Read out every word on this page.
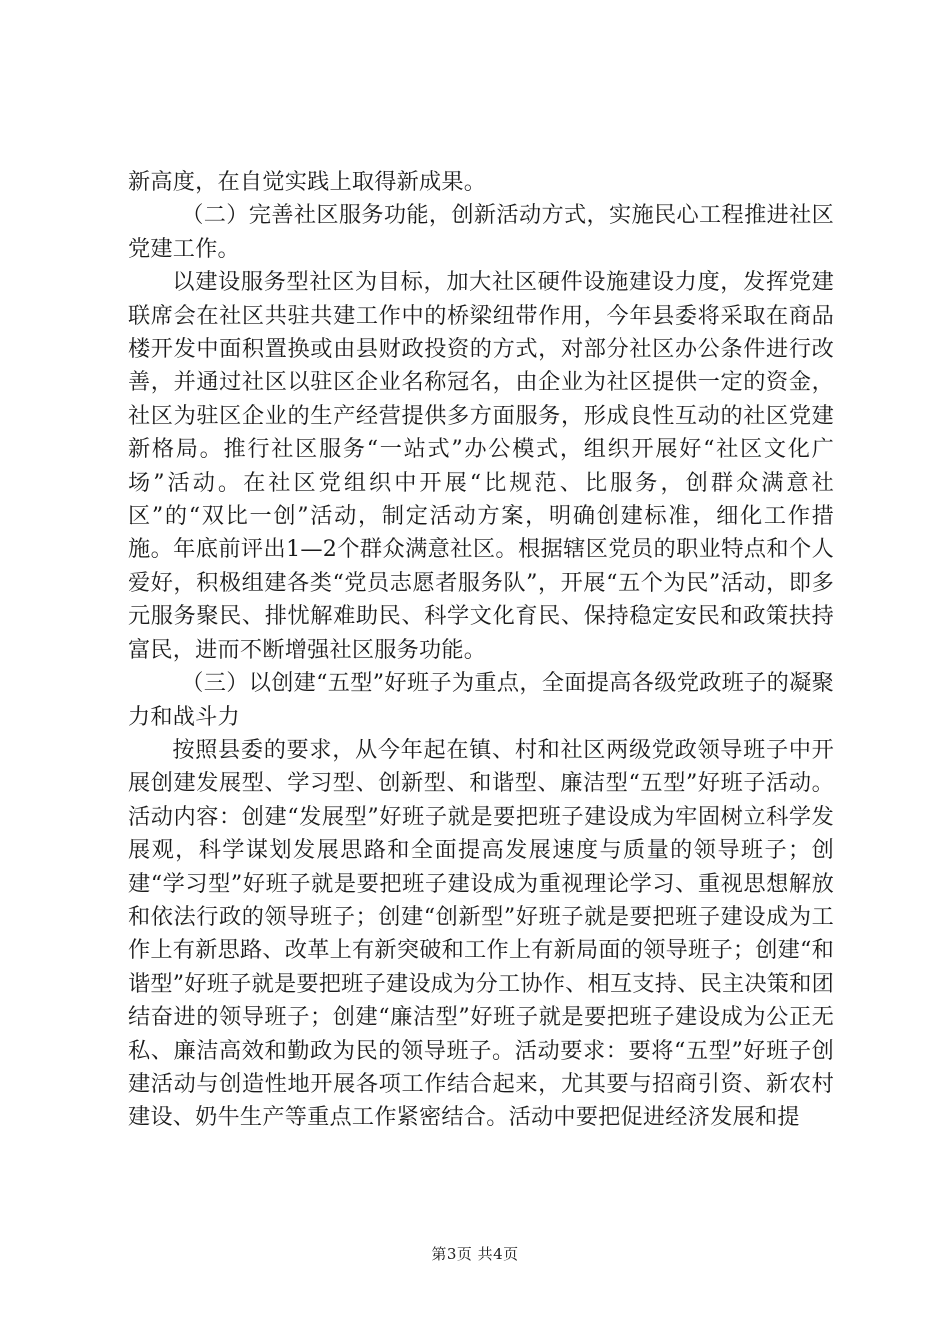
新高度，在自觉实践上取得新成果。

（二）完善社区服务功能，创新活动方式，实施民心工程推进社区党建工作。

以建设服务型社区为目标，加大社区硬件设施建设力度，发挥党建联席会在社区共驻共建工作中的桥梁纽带作用，今年县委将采取在商品楼开发中面积置换或由县财政投资的方式，对部分社区办公条件进行改善，并通过社区以驻区企业名称冠名，由企业为社区提供一定的资金，社区为驻区企业的生产经营提供多方面服务，形成良性互动的社区党建新格局。推行社区服务“一站式”办公模式，组织开展好“社区文化广场”活动。在社区党组织中开展“比规范、比服务，创群众满意社区”的“双比一创”活动，制定活动方案，明确创建标准，细化工作措施。年底前评出1—2个群众满意社区。根据辖区党员的职业特点和个人爱好，积极组建各类“党员志愿者服务队”，开展“五个为民”活动，即多元服务聚民、排忧解难助民、科学文化育民、保持稳定安民和政策扶持富民，进而不断增强社区服务功能。

（三）以创建“五型”好班子为重点，全面提高各级党政班子的凝聚力和战斗力

按照县委的要求，从今年起在镇、村和社区两级党政领导班子中开展创建发展型、学习型、创新型、和谐型、廉洁型“五型”好班子活动。活动内容：创建“发展型”好班子就是要把班子建设成为牢固树立科学发展观，科学谋划发展思路和全面提高发展速度与质量的领导班子；创建“学习型”好班子就是要把班子建设成为重视理论学习、重视思想解放和依法行政的领导班子；创建“创新型”好班子就是要把班子建设成为工作上有新思路、改革上有新突破和工作上有新局面的领导班子；创建“和谐型”好班子就是要把班子建设成为分工协作、相互支持、民主决策和团结奋进的领导班子；创建“廉洁型”好班子就是要把班子建设成为公正无私、廉洁高效和勤政为民的领导班子。活动要求：要将“五型”好班子创建活动与创造性地开展各项工作结合起来，尤其要与招商引资、新农村建设、奶牛生产等重点工作紧密结合。活动中要把促进经济发展和提

第3页 共4页
